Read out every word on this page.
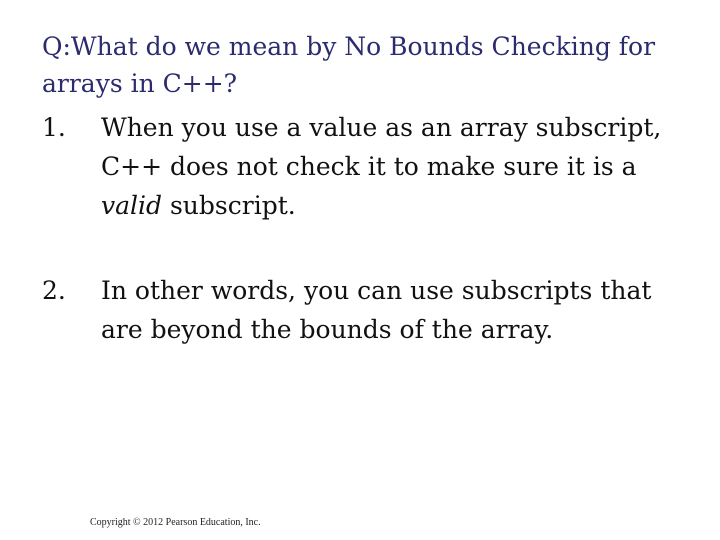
Q:What do we mean by No Bounds Checking for arrays in C++?
1.	When you use a value as an array subscript, C++ does not check it to make sure it is a valid subscript.
2.	In other words, you can use subscripts that are beyond the bounds of the array.
Copyright © 2012 Pearson Education, Inc.
